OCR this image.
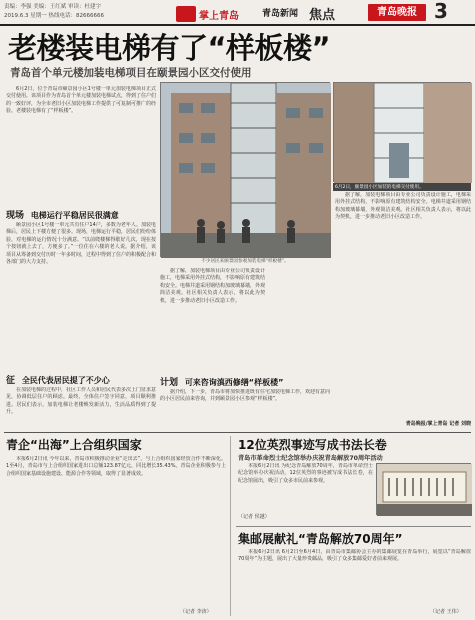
责编：李强 美编：王红斌 审读：杜建宇
2019.6.3 星期一 热线电话：82666666	掌上青岛	青岛新闻 焦点	青岛晚报 3
老楼装电梯有了“样板楼”
青岛首个单元楼加装电梯项目在颐景园小区交付使用

6月2日，位于青岛市颐景园小区1号楼一单元加装电梯项目正式交付使用。该项目作为青岛首个单元楼加装电梯试点，得到了住户们的一致好评，为全市老旧小区加装电梯工作提供了可复制可推广的经验。老楼装电梯有了“样板楼”。

现场 电梯运行平稳居民很满意

颐景园小区1号楼一单元共有住户14户，多数为老年人。加装电梯后，居民上下楼方便了很多。现场，电梯运行平稳，居民们纷纷体验，对电梯的运行情况十分满意。“以前爬楼梯得歇好几次，现在按个按钮就上去了，方便多了。”一位住在六楼的老人说。据介绍，该项目从筹备到交付历时一年多时间，过程中得到了住户的积极配合和各部门的大力支持。

征 全民代表居民提了不少心

在加装电梯的过程中，社区工作人员和居民代表多次上门征求意见，协调低层住户的顾虑。最终，全体住户签字同意，项目顺利推进。居民们表示，加装电梯让老楼焕发新活力，生活品质得到了提升。

不少居民来颐景园参观加装电梯“样板楼”。

据了解，加装电梯项目由专业公司负责设计施工，电梯采用外挂式结构，不影响原有建筑结构安全。电梯井道采用钢结构加玻璃幕墙，外观简洁美观。社区相关负责人表示，将以此为契机，进一步推动老旧小区改造工作。

计划 可来咨询滇西修缮“样板楼”

据介绍，下一步，青岛市将加快推进既有住宅加装电梯工作，欢迎有意向的小区居民前来咨询，并到颐景园小区参观“样板楼”。

6月2日，颐景园小区加装的电梯交付使用。

据了解，加装电梯项目由专业公司负责设计施工，电梯采用外挂式结构，不影响原有建筑结构安全。电梯井道采用钢结构加玻璃幕墙，外观简洁美观。社区相关负责人表示，将以此为契机，进一步推动老旧小区改造工作。

青岛晚报/掌上青岛 记者 刘晓
青企“出海”上合组织国家

本报6月2日讯 今年以来，青岛市积极推动企业“走出去”，与上合组织国家经贸合作不断深化。1至4月，青岛市与上合组织国家进出口总额123.87亿元，同比增长35.43%。青岛企业积极参与上合组织国家基础设施建设、能源合作等领域，取得了显著成效。

（记者 李涛）
12位英烈事迹写成书法长卷
青岛市革命烈士纪念馆举办庆祝青岛解放70周年活动

本报6月2日讯 为纪念青岛解放70周年，青岛市革命烈士纪念馆举办庆祝活动，12位英烈的事迹被写成书法长卷，在纪念馆展出，吸引了众多市民前来参观。

（记者 侯越）
集邮展献礼“青岛解放70周年”

本报6月2日讯 6月2日至6月4日，由青岛市集邮协会主办的集邮展览在青岛举行，展览以“青岛解放70周年”为主题，展出了大量珍贵邮品，吸引了众多集邮爱好者前来观展。

（记者 王伟）
